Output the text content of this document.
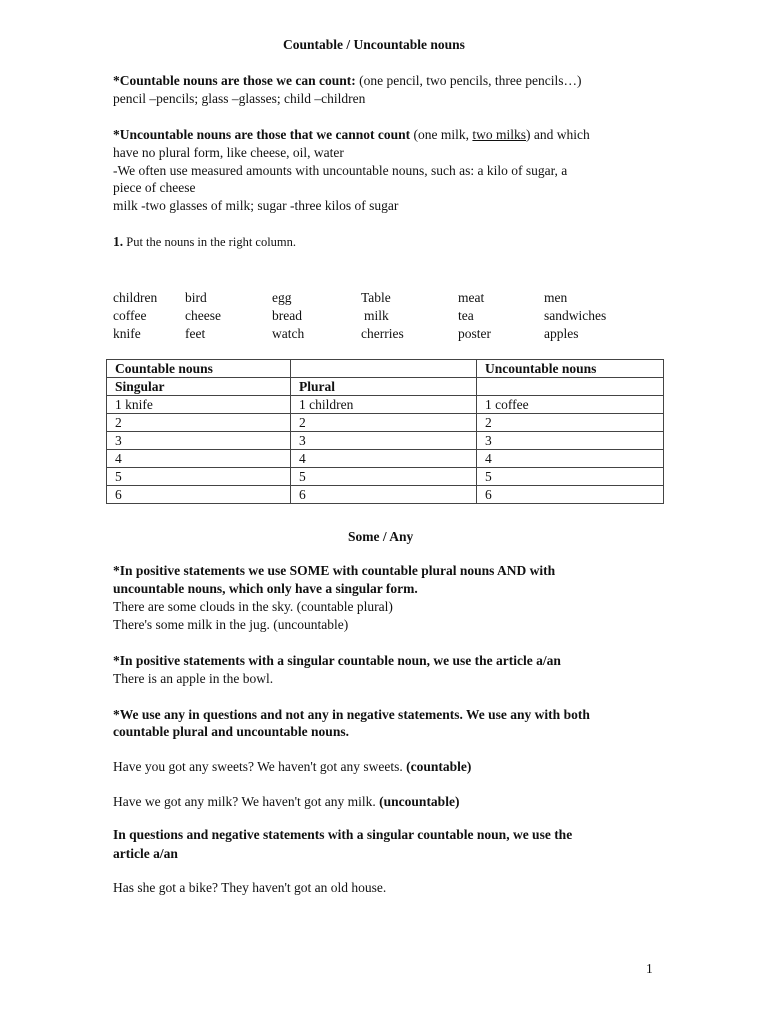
Countable / Uncountable nouns
*Countable nouns are those we can count: (one pencil, two pencils, three pencils…)
pencil –pencils; glass –glasses; child –children
*Uncountable nouns are those that we cannot count (one milk, two milks) and which
have no plural form, like cheese, oil, water
-We often use measured amounts with uncountable nouns, such as: a kilo of sugar, a
piece of cheese
milk -two glasses of milk; sugar -three kilos of sugar
1. Put the nouns in the right column.
children bird	egg	Table	meat	men
coffee	cheese	bread	milk	tea	sandwiches
knife	feet	watch	cherries	poster	apples
Countable nouns		Uncountable nouns
Singular	Plural	
1 knife	1 children	1 coffee
2	2	2
3	3	3
4	4	4
5	5	5
6	6	6
Some / Any
*In positive statements we use SOME with countable plural nouns AND with
uncountable nouns, which only have a singular form.
There are some clouds in the sky. (countable plural)
There's some milk in the jug. (uncountable)
*In positive statements with a singular countable noun, we use the article a/an
There is an apple in the bowl.
*We use any in questions and not any in negative statements. We use any with both
countable plural and uncountable nouns.
Have you got any sweets? We haven't got any sweets. (countable)
Have we got any milk? We haven't got any milk. (uncountable)
In questions and negative statements with a singular countable noun, we use the
article a/an
Has she got a bike? They haven't got an old house.
1
